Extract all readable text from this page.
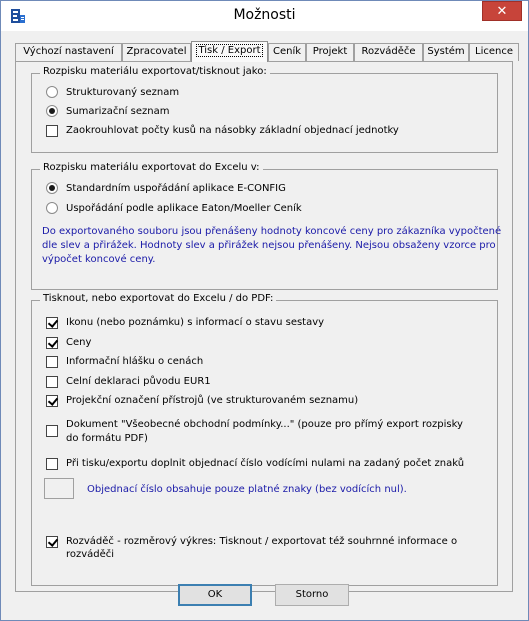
Možnosti	✕
Výchozí nastavení	Zpracovatel	Tisk / Export	Ceník	Projekt	Rozváděče	Systém	Licence
Rozpisku materiálu exportovat/tisknout jako:
Strukturovaný seznam
Sumarizační seznam
Zaokrouhlovat počty kusů na násobky základní objednací jednotky
Rozpisku materiálu exportovat do Excelu v:
Standardním uspořádání aplikace E-CONFIG
Uspořádání podle aplikace Eaton/Moeller Ceník
Do exportovaného souboru jsou přenášeny hodnoty koncové ceny pro zákazníka vypočtené dle slev a přirážek. Hodnoty slev a přirážek nejsou přenášeny. Nejsou obsaženy vzorce pro výpočet koncové ceny.
Tisknout, nebo exportovat do Excelu / do PDF:
Ikonu (nebo poznámku) s informací o stavu sestavy
Ceny
Informační hlášku o cenách
Celní deklaraci původu EUR1
Projekční označení přístrojů (ve strukturovaném seznamu)
Dokument "Všeobecné obchodní podmínky..." (pouze pro přímý export rozpisky do formátu PDF)
Při tisku/exportu doplnit objednací číslo vodícími nulami na zadaný počet znaků
Objednací číslo obsahuje pouze platné znaky (bez vodících nul).
Rozváděč - rozměrový výkres: Tisknout / exportovat též souhrnné informace o rozváděči
OK	Storno
